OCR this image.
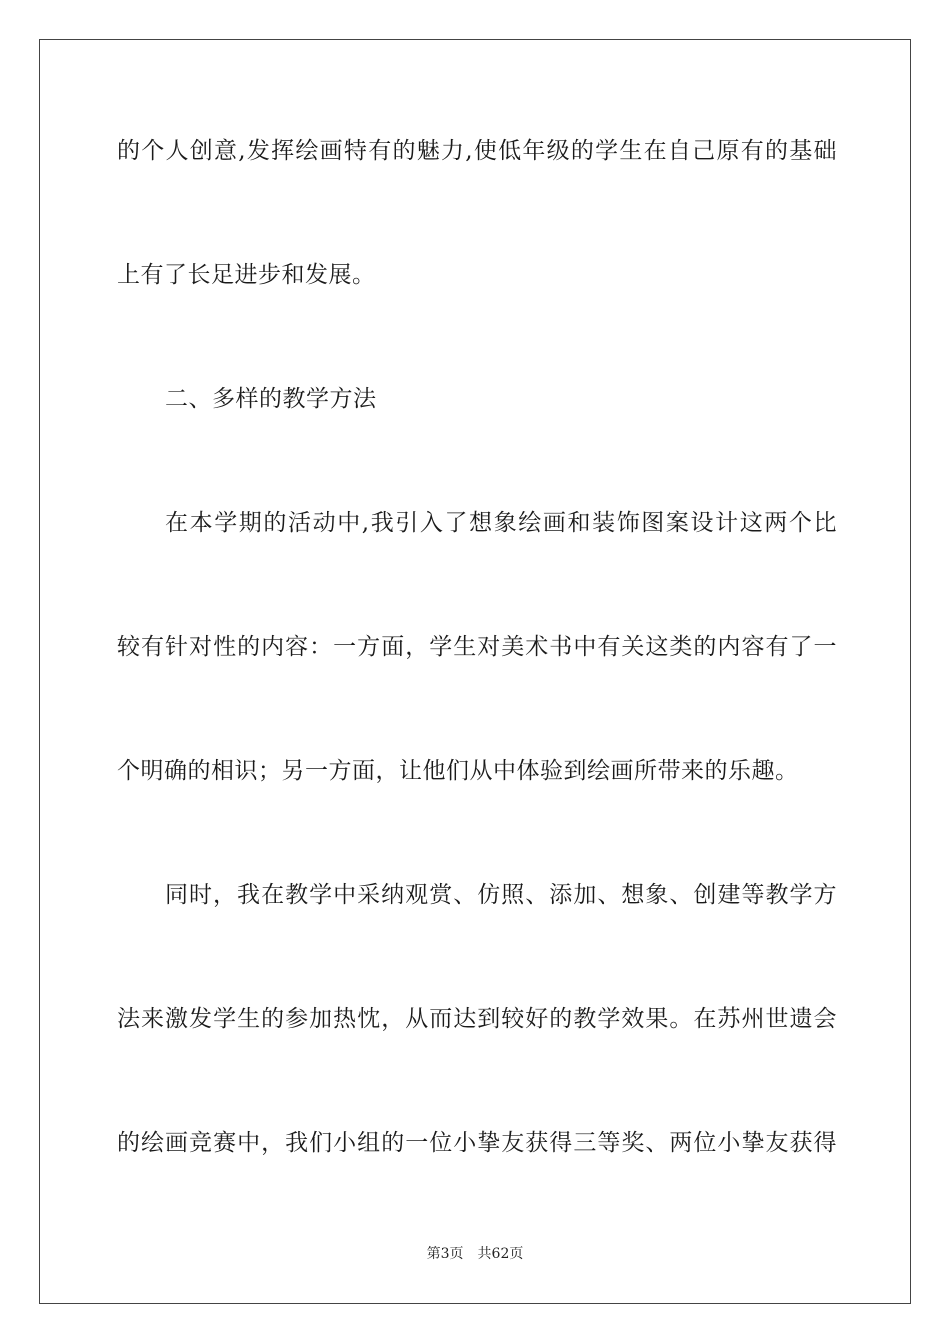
的个人创意,发挥绘画特有的魅力,使低年级的学生在自己原有的基础
上有了长足进步和发展。
二、多样的教学方法
在本学期的活动中,我引入了想象绘画和装饰图案设计这两个比
较有针对性的内容：一方面，学生对美术书中有关这类的内容有了一
个明确的相识；另一方面，让他们从中体验到绘画所带来的乐趣。
同时，我在教学中采纳观赏、仿照、添加、想象、创建等教学方
法来激发学生的参加热忱，从而达到较好的教学效果。在苏州世遗会
的绘画竞赛中，我们小组的一位小挚友获得三等奖、两位小挚友获得
第3页 共62页
